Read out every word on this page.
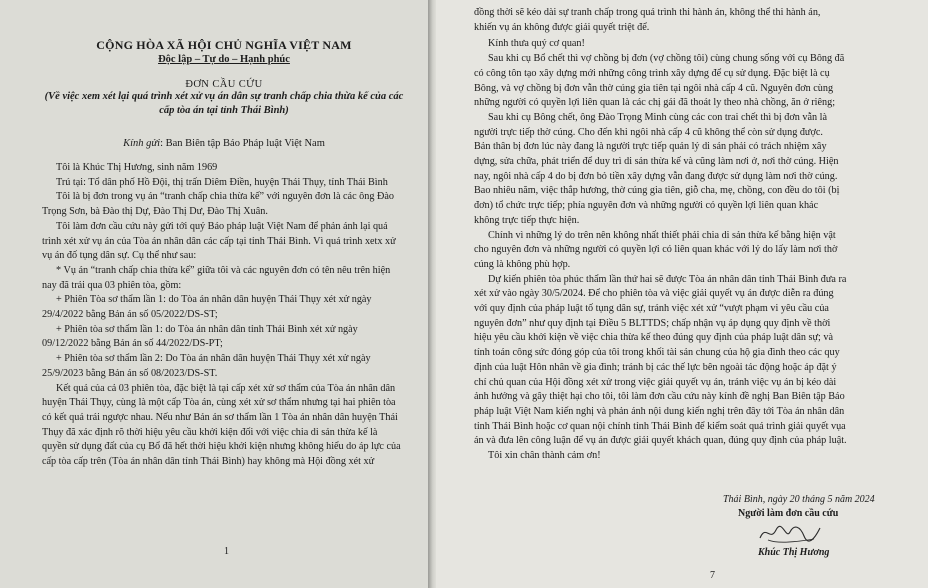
CỘNG HÒA XÃ HỘI CHỦ NGHĨA VIỆT NAM
Độc lập – Tự do – Hạnh phúc
ĐƠN CẦU CỨU
(Về việc xem xét lại quá trình xét xử vụ án dân sự tranh chấp chia thừa kế của các
cấp tòa án tại tỉnh Thái Bình)
Kính gửi: Ban Biên tập Báo Pháp luật Việt Nam

Tôi là Khúc Thị Hương, sinh năm 1969

Trú tại: Tổ dân phố Hồ Đội, thị trấn Diêm Điền, huyện Thái Thụy, tỉnh Thái Bình

Tôi là bị đơn trong vụ án “tranh chấp chia thừa kế” với nguyên đơn là các ông Đào

Trọng Sơn, bà Đào thị Dự, Đào Thị Dư, Đào Thị Xuân.

Tôi làm đơn cầu cứu này gửi tới quý Báo pháp luật Việt Nam để phản ánh lại quá

trình xét xử vụ án của Tòa án nhân dân các cấp tại tỉnh Thái Bình. Vì quá trình xetx xử

vụ án đố tụng dân sự. Cụ thể như sau:

* Vụ án “tranh chấp chia thừa kế” giữa tôi và các nguyên đơn có tên nêu trên hiện

nay đã trải qua 03 phiên tòa, gồm:

+ Phiên Tòa sơ thẩm lần 1: do Tòa án nhân dân huyện Thái Thụy xét xử ngày

29/4/2022 bằng Bản án số 05/2022/DS-ST;

+ Phiên tòa sơ thẩm lần 1: do Tòa án nhân dân tỉnh Thái Bình xét xử ngày

09/12/2022 bằng Bản án số 44/2022/DS-PT;

+ Phiên tòa sơ thẩm lần 2: Do Tòa án nhân dân huyện Thái Thụy xét xử ngày

25/9/2023 bằng Bản án số 08/2023/DS-ST.

Kết quả của cả 03 phiên tòa, đặc biệt là tại cấp xét xử sơ thẩm của Tòa án nhân dân

huyện Thái Thụy, cùng là một cấp Tòa án, cùng xét xử sơ thẩm nhưng tại hai phiên tòa

có kết quả trái ngược nhau. Nếu như Bản án sơ thẩm lần 1 Tòa án nhân dân huyện Thái

Thụy đã xác định rõ thời hiệu yêu cầu khởi kiện đối với việc chia di sản thừa kế là

quyền sử dụng đất của cụ Bổ đã hết thời hiệu khởi kiện nhưng không hiểu do áp lực của

cấp tòa cấp trên (Tòa án nhân dân tỉnh Thái Bình) hay không mà Hội đồng xét xử

1

đồng thời sẽ kéo dài sự tranh chấp trong quá trình thi hành án, không thể thi hành án,

khiến vụ án không được giải quyết triệt để.

Kính thưa quý cơ quan!

Sau khi cụ Bổ chết thì vợ chồng bị đơn (vợ chồng tôi) cùng chung sống với cụ Bông đã

có công tôn tạo xây dựng mới những công trình xây dựng để cụ sử dụng. Đặc biệt là cụ

Bông, và vợ chồng bị đơn vẫn thờ cúng gia tiên tại ngôi nhà cấp 4 cũ. Nguyên đơn cùng

những người có quyền lợi liên quan là các chị gái đã thoát ly theo nhà chồng, ăn ở riêng;

Sau khi cụ Bông chết, ông Đào Trọng Minh cùng các con trai chết thì bị đơn vẫn là

người trực tiếp thờ cúng. Cho đến khi ngôi nhà cấp 4 cũ không thể còn sử dụng được.

Bản thân bị đơn lúc này đang là người trực tiếp quản lý di sản phải có trách nhiệm xây

dựng, sửa chữa, phát triển để duy trì di sản thừa kế và cũng làm nơi ở, nơi thờ cúng. Hiện

nay, ngôi nhà cấp 4 do bị đơn bỏ tiền xây dựng vẫn đang được sử dụng làm nơi thờ cúng.

Bao nhiêu năm, việc thắp hương, thờ cúng gia tiên, giỗ cha, mẹ, chồng, con đều do tôi (bị

đơn) tổ chức trực tiếp; phía nguyên đơn và những người có quyền lợi liên quan khác

không trực tiếp thực hiện.

Chính vì những lý do trên nên không nhất thiết phải chia di sản thừa kế bằng hiện vật

cho nguyên đơn và những người có quyền lợi có liên quan khác với lý do lấy làm nơi thờ

cúng là không phù hợp.

Dự kiến phiên tòa phúc thẩm lần thứ hai sẽ được Tòa án nhân dân tỉnh Thái Bình đưa ra

xét xử vào ngày 30/5/2024. Để cho phiên tòa và việc giải quyết vụ án được diễn ra đúng

với quy định của pháp luật tố tụng dân sự, tránh việc xét xử “vượt phạm vi yêu cầu của

nguyên đơn” như quy định tại Điều 5 BLTTDS; chấp nhận vụ áp dụng quy định về thời

hiệu yêu cầu khởi kiện về việc chia thừa kế theo đúng quy định của pháp luật dân sự; và

tính toán công sức đóng góp của tôi trong khối tài sản chung của hộ gia đình theo các quy

định của luật Hôn nhân về gia đình; tránh bị các thế lực bên ngoài tác động hoặc áp đặt ý

chí chủ quan của Hội đồng xét xử trong việc giải quyết vụ án, tránh việc vụ án bị kéo dài

ảnh hưởng và gây thiệt hại cho tôi, tôi làm đơn cầu cứu này kính đề nghị Ban Biên tập Báo

pháp luật Việt Nam kiến nghị và phản ánh nội dung kiến nghị trên đây tới Tòa án nhân dân

tỉnh Thái Bình hoặc cơ quan nội chính tỉnh Thái Bình để kiểm soát quá trình giải quyết vụa

án và đưa lên công luận để vụ án được giải quyết khách quan, đúng quy định của pháp luật.

Tôi xin chân thành cảm ơn!

Thái Bình, ngày 20 tháng 5 năm 2024
Người làm đơn cầu cứu
Khúc Thị Hương
7
